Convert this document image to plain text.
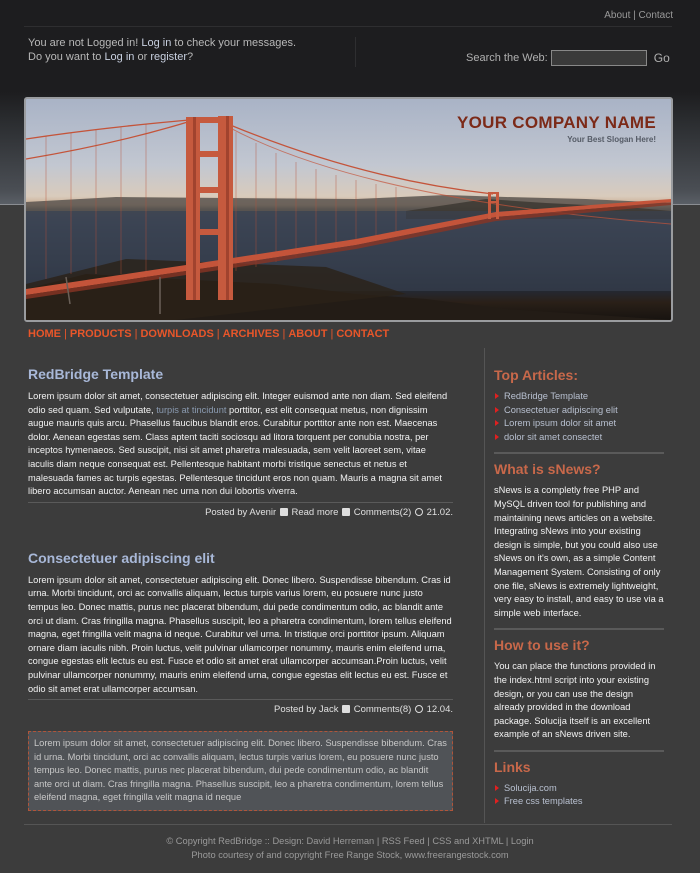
About | Contact
You are not Logged in! Log in to check your messages.
Do you want to Log in or register?	Search the Web:	Go
YOUR COMPANY NAME
Your Best Slogan Here!
HOME | PRODUCTS | DOWNLOADS | ARCHIVES | ABOUT | CONTACT
RedBridge Template
Lorem ipsum dolor sit amet, consectetuer adipiscing elit. Integer euismod ante non diam. Sed eleifend odio sed quam. Sed vulputate, turpis at tincidunt porttitor, est elit consequat metus, non dignissim augue mauris quis arcu. Phasellus faucibus blandit eros. Curabitur porttitor ante non est. Maecenas dolor. Aenean egestas sem. Class aptent taciti sociosqu ad litora torquent per conubia nostra, per inceptos hymenaeos. Sed suscipit, nisi sit amet pharetra malesuada, sem velit laoreet sem, vitae iaculis diam neque consequat est. Pellentesque habitant morbi tristique senectus et netus et malesuada fames ac turpis egestas. Pellentesque tincidunt eros non quam. Mauris a magna sit amet libero accumsan auctor. Aenean nec urna non dui lobortis viverra.
Posted by Avenir Read more Comments(2) 21.02.
Consectetuer adipiscing elit
Lorem ipsum dolor sit amet, consectetuer adipiscing elit. Donec libero. Suspendisse bibendum. Cras id urna. Morbi tincidunt, orci ac convallis aliquam, lectus turpis varius lorem, eu posuere nunc justo tempus leo. Donec mattis, purus nec placerat bibendum, dui pede condimentum odio, ac blandit ante orci ut diam. Cras fringilla magna. Phasellus suscipit, leo a pharetra condimentum, lorem tellus eleifend magna, eget fringilla velit magna id neque. Curabitur vel urna. In tristique orci porttitor ipsum. Aliquam ornare diam iaculis nibh. Proin luctus, velit pulvinar ullamcorper nonummy, mauris enim eleifend urna, congue egestas elit lectus eu est. Fusce et odio sit amet erat ullamcorper accumsan.Proin luctus, velit pulvinar ullamcorper nonummy, mauris enim eleifend urna, congue egestas elit lectus eu est. Fusce et odio sit amet erat ullamcorper accumsan.
Posted by Jack Comments(8) 12.04.
Lorem ipsum dolor sit amet, consectetuer adipiscing elit. Donec libero. Suspendisse bibendum. Cras id urna. Morbi tincidunt, orci ac convallis aliquam, lectus turpis varius lorem, eu posuere nunc justo tempus leo. Donec mattis, purus nec placerat bibendum, dui pede condimentum odio, ac blandit ante orci ut diam. Cras fringilla magna. Phasellus suscipit, leo a pharetra condimentum, lorem tellus eleifend magna, eget fringilla velit magna id neque
Top Articles:
RedBridge Template
Consectetuer adipiscing elit
Lorem ipsum dolor sit amet
dolor sit amet consectet
What is sNews?
sNews is a completly free PHP and MySQL driven tool for publishing and maintaining news articles on a website. Integrating sNews into your existing design is simple, but you could also use sNews on it's own, as a simple Content Management System. Consisting of only one file, sNews is extremely lightweight, very easy to install, and easy to use via a simple web interface.
How to use it?
You can place the functions provided in the index.html script into your existing design, or you can use the design already provided in the download package. Solucija itself is an excellent example of an sNews driven site.
Links
Solucija.com
Free css templates
© Copyright RedBridge :: Design: David Herreman | RSS Feed | CSS and XHTML | Login
Photo courtesy of and copyright Free Range Stock, www.freerangestock.com
